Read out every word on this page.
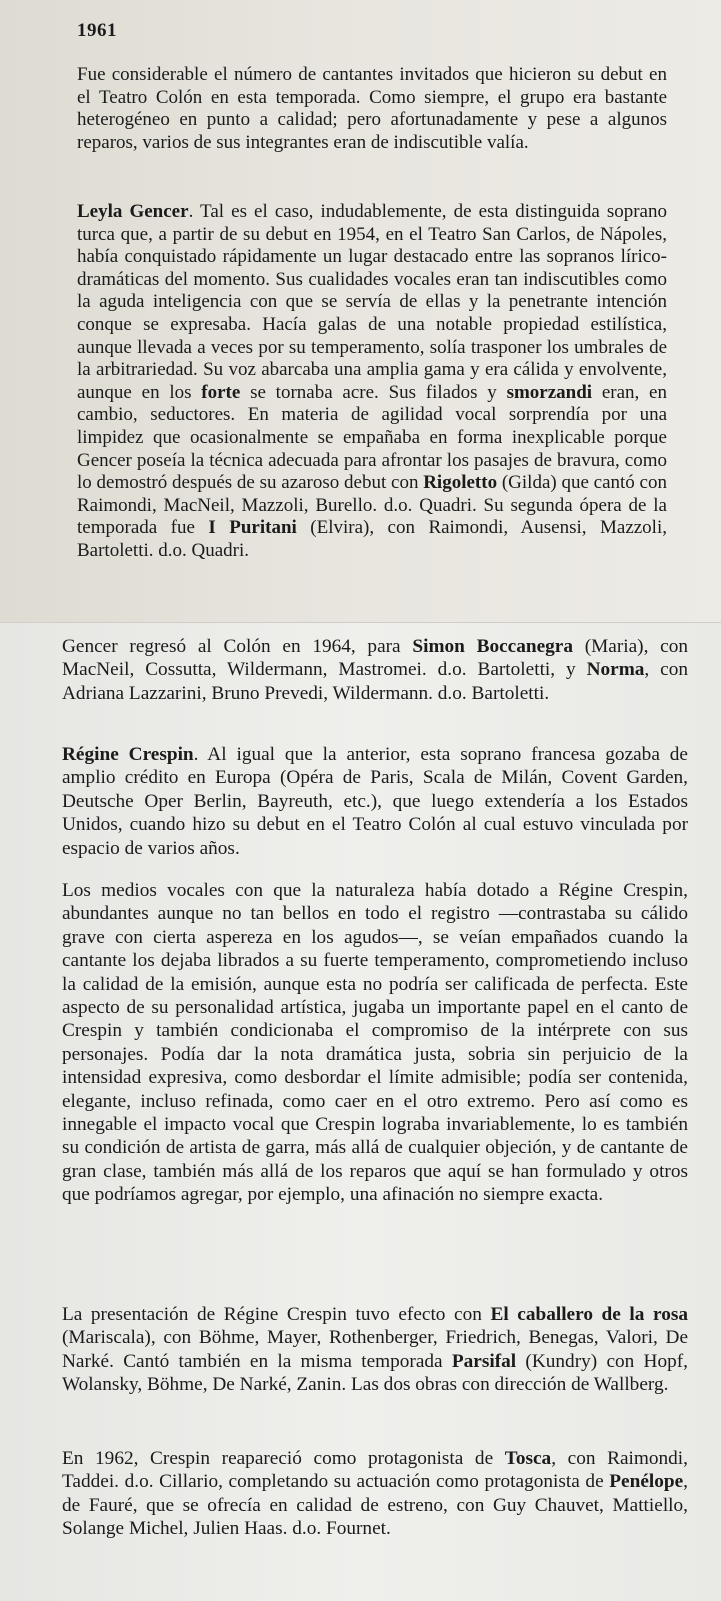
1961

Fue considerable el número de cantantes invitados que hicieron su debut en el Teatro Colón en esta temporada. Como siempre, el grupo era bastante heterogéneo en punto a calidad; pero afortunadamente y pese a algunos reparos, varios de sus integrantes eran de indiscutible valía.

Leyla Gencer. Tal es el caso, indudablemente, de esta distinguida soprano turca que, a partir de su debut en 1954, en el Teatro San Carlos, de Nápoles, había conquistado rápidamente un lugar destacado entre las sopranos lírico-dramáticas del momento. Sus cualidades vocales eran tan indiscutibles como la aguda inteligencia con que se servía de ellas y la penetrante intención conque se expresaba. Hacía galas de una notable propiedad estilística, aunque llevada a veces por su temperamento, solía trasponer los umbrales de la arbitrariedad. Su voz abarcaba una amplia gama y era cálida y envolvente, aunque en los forte se tornaba acre. Sus filados y smorzandi eran, en cambio, seductores. En materia de agilidad vocal sorprendía por una limpidez que ocasionalmente se empañaba en forma inexplicable porque Gencer poseía la técnica adecuada para afrontar los pasajes de bravura, como lo demostró después de su azaroso debut con Rigoletto (Gilda) que cantó con Raimondi, MacNeil, Mazzoli, Burello. d.o. Quadri. Su segunda ópera de la temporada fue I Puritani (Elvira), con Raimondi, Ausensi, Mazzoli, Bartoletti. d.o. Quadri.

Gencer regresó al Colón en 1964, para Simon Boccanegra (Maria), con MacNeil, Cossutta, Wildermann, Mastromei. d.o. Bartoletti, y Norma, con Adriana Lazzarini, Bruno Prevedi, Wildermann. d.o. Bartoletti.

Régine Crespin. Al igual que la anterior, esta soprano francesa gozaba de amplio crédito en Europa (Opéra de Paris, Scala de Milán, Covent Garden, Deutsche Oper Berlin, Bayreuth, etc.), que luego extendería a los Estados Unidos, cuando hizo su debut en el Teatro Colón al cual estuvo vinculada por espacio de varios años.

Los medios vocales con que la naturaleza había dotado a Régine Crespin, abundantes aunque no tan bellos en todo el registro —contrastaba su cálido grave con cierta aspereza en los agudos—, se veían empañados cuando la cantante los dejaba librados a su fuerte temperamento, comprometiendo incluso la calidad de la emisión, aunque esta no podría ser calificada de perfecta. Este aspecto de su personalidad artística, jugaba un importante papel en el canto de Crespin y también condicionaba el compromiso de la intérprete con sus personajes. Podía dar la nota dramática justa, sobria sin perjuicio de la intensidad expresiva, como desbordar el límite admisible; podía ser contenida, elegante, incluso refinada, como caer en el otro extremo. Pero así como es innegable el impacto vocal que Crespin lograba invariablemente, lo es también su condición de artista de garra, más allá de cualquier objeción, y de cantante de gran clase, también más allá de los reparos que aquí se han formulado y otros que podríamos agregar, por ejemplo, una afinación no siempre exacta.

La presentación de Régine Crespin tuvo efecto con El caballero de la rosa (Mariscala), con Böhme, Mayer, Rothenberger, Friedrich, Benegas, Valori, De Narké. Cantó también en la misma temporada Parsifal (Kundry) con Hopf, Wolansky, Böhme, De Narké, Zanin. Las dos obras con dirección de Wallberg.

En 1962, Crespin reapareció como protagonista de Tosca, con Raimondi, Taddei. d.o. Cillario, completando su actuación como protagonista de Penélope, de Fauré, que se ofrecía en calidad de estreno, con Guy Chauvet, Mattiello, Solange Michel, Julien Haas. d.o. Fournet.
